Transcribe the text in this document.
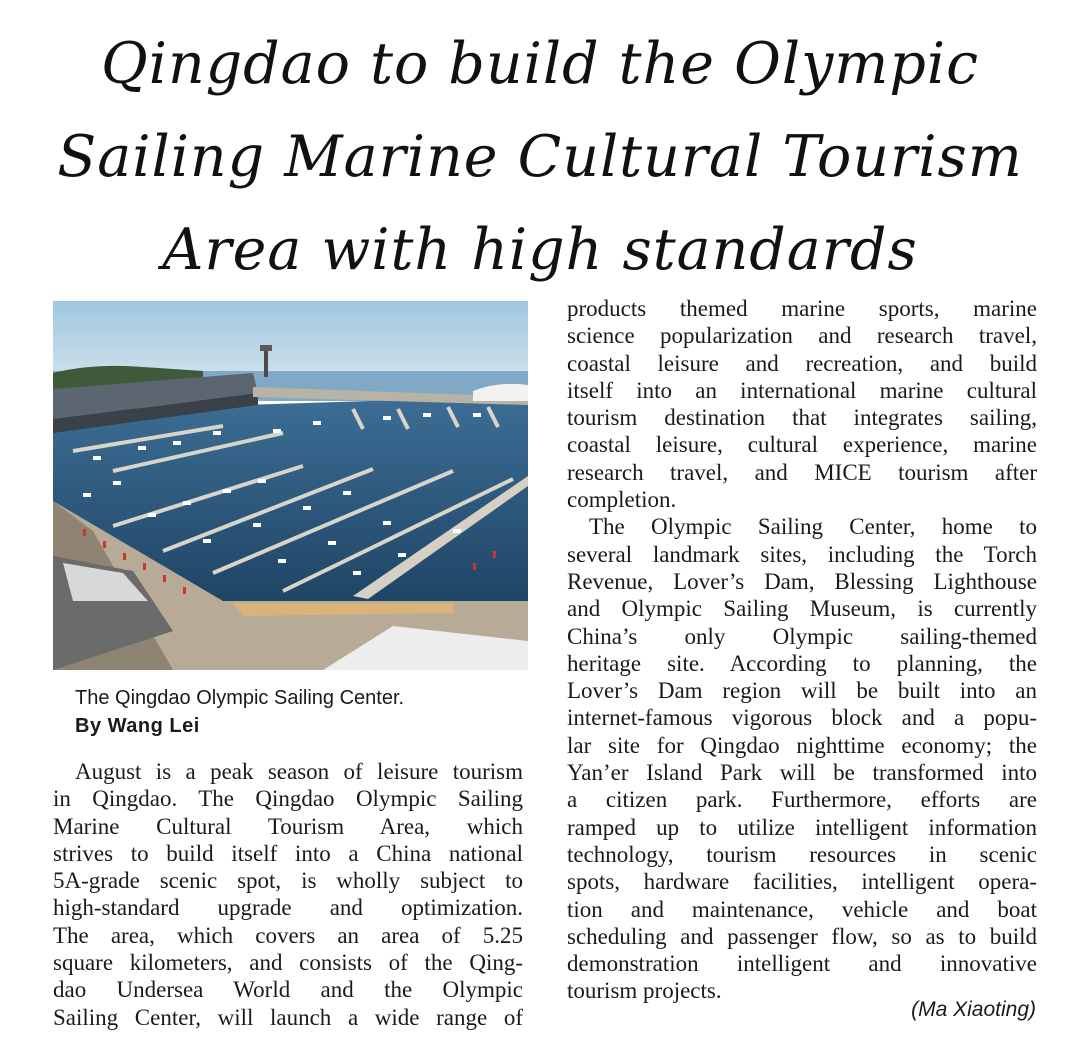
Qingdao to build the Olympic
Sailing Marine Cultural Tourism
Area with high standards
The Qingdao Olympic Sailing Center.
By Wang Lei
August is a peak season of leisure tourism
in Qingdao. The Qingdao Olympic Sailing
Marine Cultural Tourism Area, which
strives to build itself into a China national
5A-grade scenic spot, is wholly subject to
high-standard upgrade and optimization.
The area, which covers an area of 5.25
square kilometers, and consists of the Qing-
dao Undersea World and the Olympic
Sailing Center, will launch a wide range of
products themed marine sports, marine
science popularization and research travel,
coastal leisure and recreation, and build
itself into an international marine cultural
tourism destination that integrates sailing,
coastal leisure, cultural experience, marine
research travel, and MICE tourism after
completion.
The Olympic Sailing Center, home to
several landmark sites, including the Torch
Revenue, Lover’s Dam, Blessing Lighthouse
and Olympic Sailing Museum, is currently
China’s only Olympic sailing-themed
heritage site. According to planning, the
Lover’s Dam region will be built into an
internet-famous vigorous block and a popu-
lar site for Qingdao nighttime economy; the
Yan’er Island Park will be transformed into
a citizen park. Furthermore, efforts are
ramped up to utilize intelligent information
technology, tourism resources in scenic
spots, hardware facilities, intelligent opera-
tion and maintenance, vehicle and boat
scheduling and passenger flow, so as to build
demonstration intelligent and innovative
tourism projects.
(Ma Xiaoting)
